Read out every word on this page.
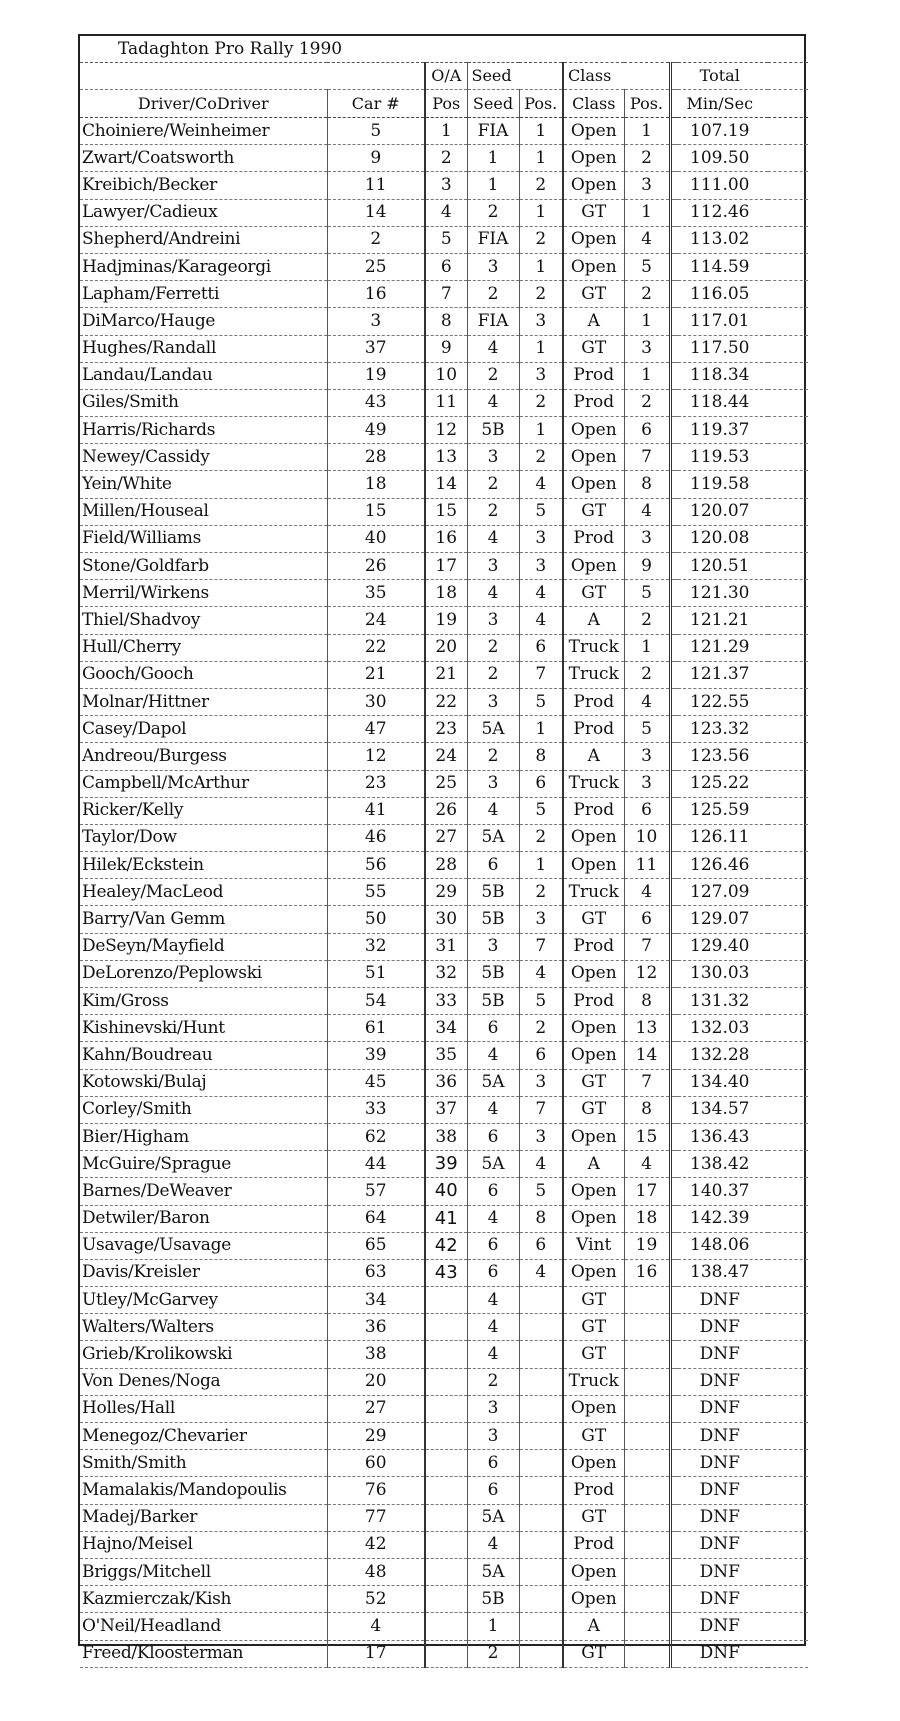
Tadaghton Pro Rally 1990								
		O/A	Seed		Class		Total	
Driver/CoDriver	Car #	Pos	Seed	Pos.	Class	Pos.	Min/Sec	
Choiniere/Weinheimer	5	1	FIA	1	Open	1	107.19	
Zwart/Coatsworth	9	2	1	1	Open	2	109.50	
Kreibich/Becker	11	3	1	2	Open	3	111.00	
Lawyer/Cadieux	14	4	2	1	GT	1	112.46	
Shepherd/Andreini	2	5	FIA	2	Open	4	113.02	
Hadjminas/Karageorgi	25	6	3	1	Open	5	114.59	
Lapham/Ferretti	16	7	2	2	GT	2	116.05	
DiMarco/Hauge	3	8	FIA	3	A	1	117.01	
Hughes/Randall	37	9	4	1	GT	3	117.50	
Landau/Landau	19	10	2	3	Prod	1	118.34	
Giles/Smith	43	11	4	2	Prod	2	118.44	
Harris/Richards	49	12	5B	1	Open	6	119.37	
Newey/Cassidy	28	13	3	2	Open	7	119.53	
Yein/White	18	14	2	4	Open	8	119.58	
Millen/Houseal	15	15	2	5	GT	4	120.07	
Field/Williams	40	16	4	3	Prod	3	120.08	
Stone/Goldfarb	26	17	3	3	Open	9	120.51	
Merril/Wirkens	35	18	4	4	GT	5	121.30	
Thiel/Shadvoy	24	19	3	4	A	2	121.21	
Hull/Cherry	22	20	2	6	Truck	1	121.29	
Gooch/Gooch	21	21	2	7	Truck	2	121.37	
Molnar/Hittner	30	22	3	5	Prod	4	122.55	
Casey/Dapol	47	23	5A	1	Prod	5	123.32	
Andreou/Burgess	12	24	2	8	A	3	123.56	
Campbell/McArthur	23	25	3	6	Truck	3	125.22	
Ricker/Kelly	41	26	4	5	Prod	6	125.59	
Taylor/Dow	46	27	5A	2	Open	10	126.11	
Hilek/Eckstein	56	28	6	1	Open	11	126.46	
Healey/MacLeod	55	29	5B	2	Truck	4	127.09	
Barry/Van Gemm	50	30	5B	3	GT	6	129.07	
DeSeyn/Mayfield	32	31	3	7	Prod	7	129.40	
DeLorenzo/Peplowski	51	32	5B	4	Open	12	130.03	
Kim/Gross	54	33	5B	5	Prod	8	131.32	
Kishinevski/Hunt	61	34	6	2	Open	13	132.03	
Kahn/Boudreau	39	35	4	6	Open	14	132.28	
Kotowski/Bulaj	45	36	5A	3	GT	7	134.40	
Corley/Smith	33	37	4	7	GT	8	134.57	
Bier/Higham	62	38	6	3	Open	15	136.43	
McGuire/Sprague	44	39	5A	4	A	4	138.42	
Barnes/DeWeaver	57	40	6	5	Open	17	140.37	
Detwiler/Baron	64	41	4	8	Open	18	142.39	
Usavage/Usavage	65	42	6	6	Vint	19	148.06	
Davis/Kreisler	63	43	6	4	Open	16	138.47	
Utley/McGarvey	34		4		GT		DNF	
Walters/Walters	36		4		GT		DNF	
Grieb/Krolikowski	38		4		GT		DNF	
Von Denes/Noga	20		2		Truck		DNF	
Holles/Hall	27		3		Open		DNF	
Menegoz/Chevarier	29		3		GT		DNF	
Smith/Smith	60		6		Open		DNF	
Mamalakis/Mandopoulis	76		6		Prod		DNF	
Madej/Barker	77		5A		GT		DNF	
Hajno/Meisel	42		4		Prod		DNF	
Briggs/Mitchell	48		5A		Open		DNF	
Kazmierczak/Kish	52		5B		Open		DNF	
O'Neil/Headland	4		1		A		DNF	
Freed/Kloosterman	17		2		GT		DNF	
